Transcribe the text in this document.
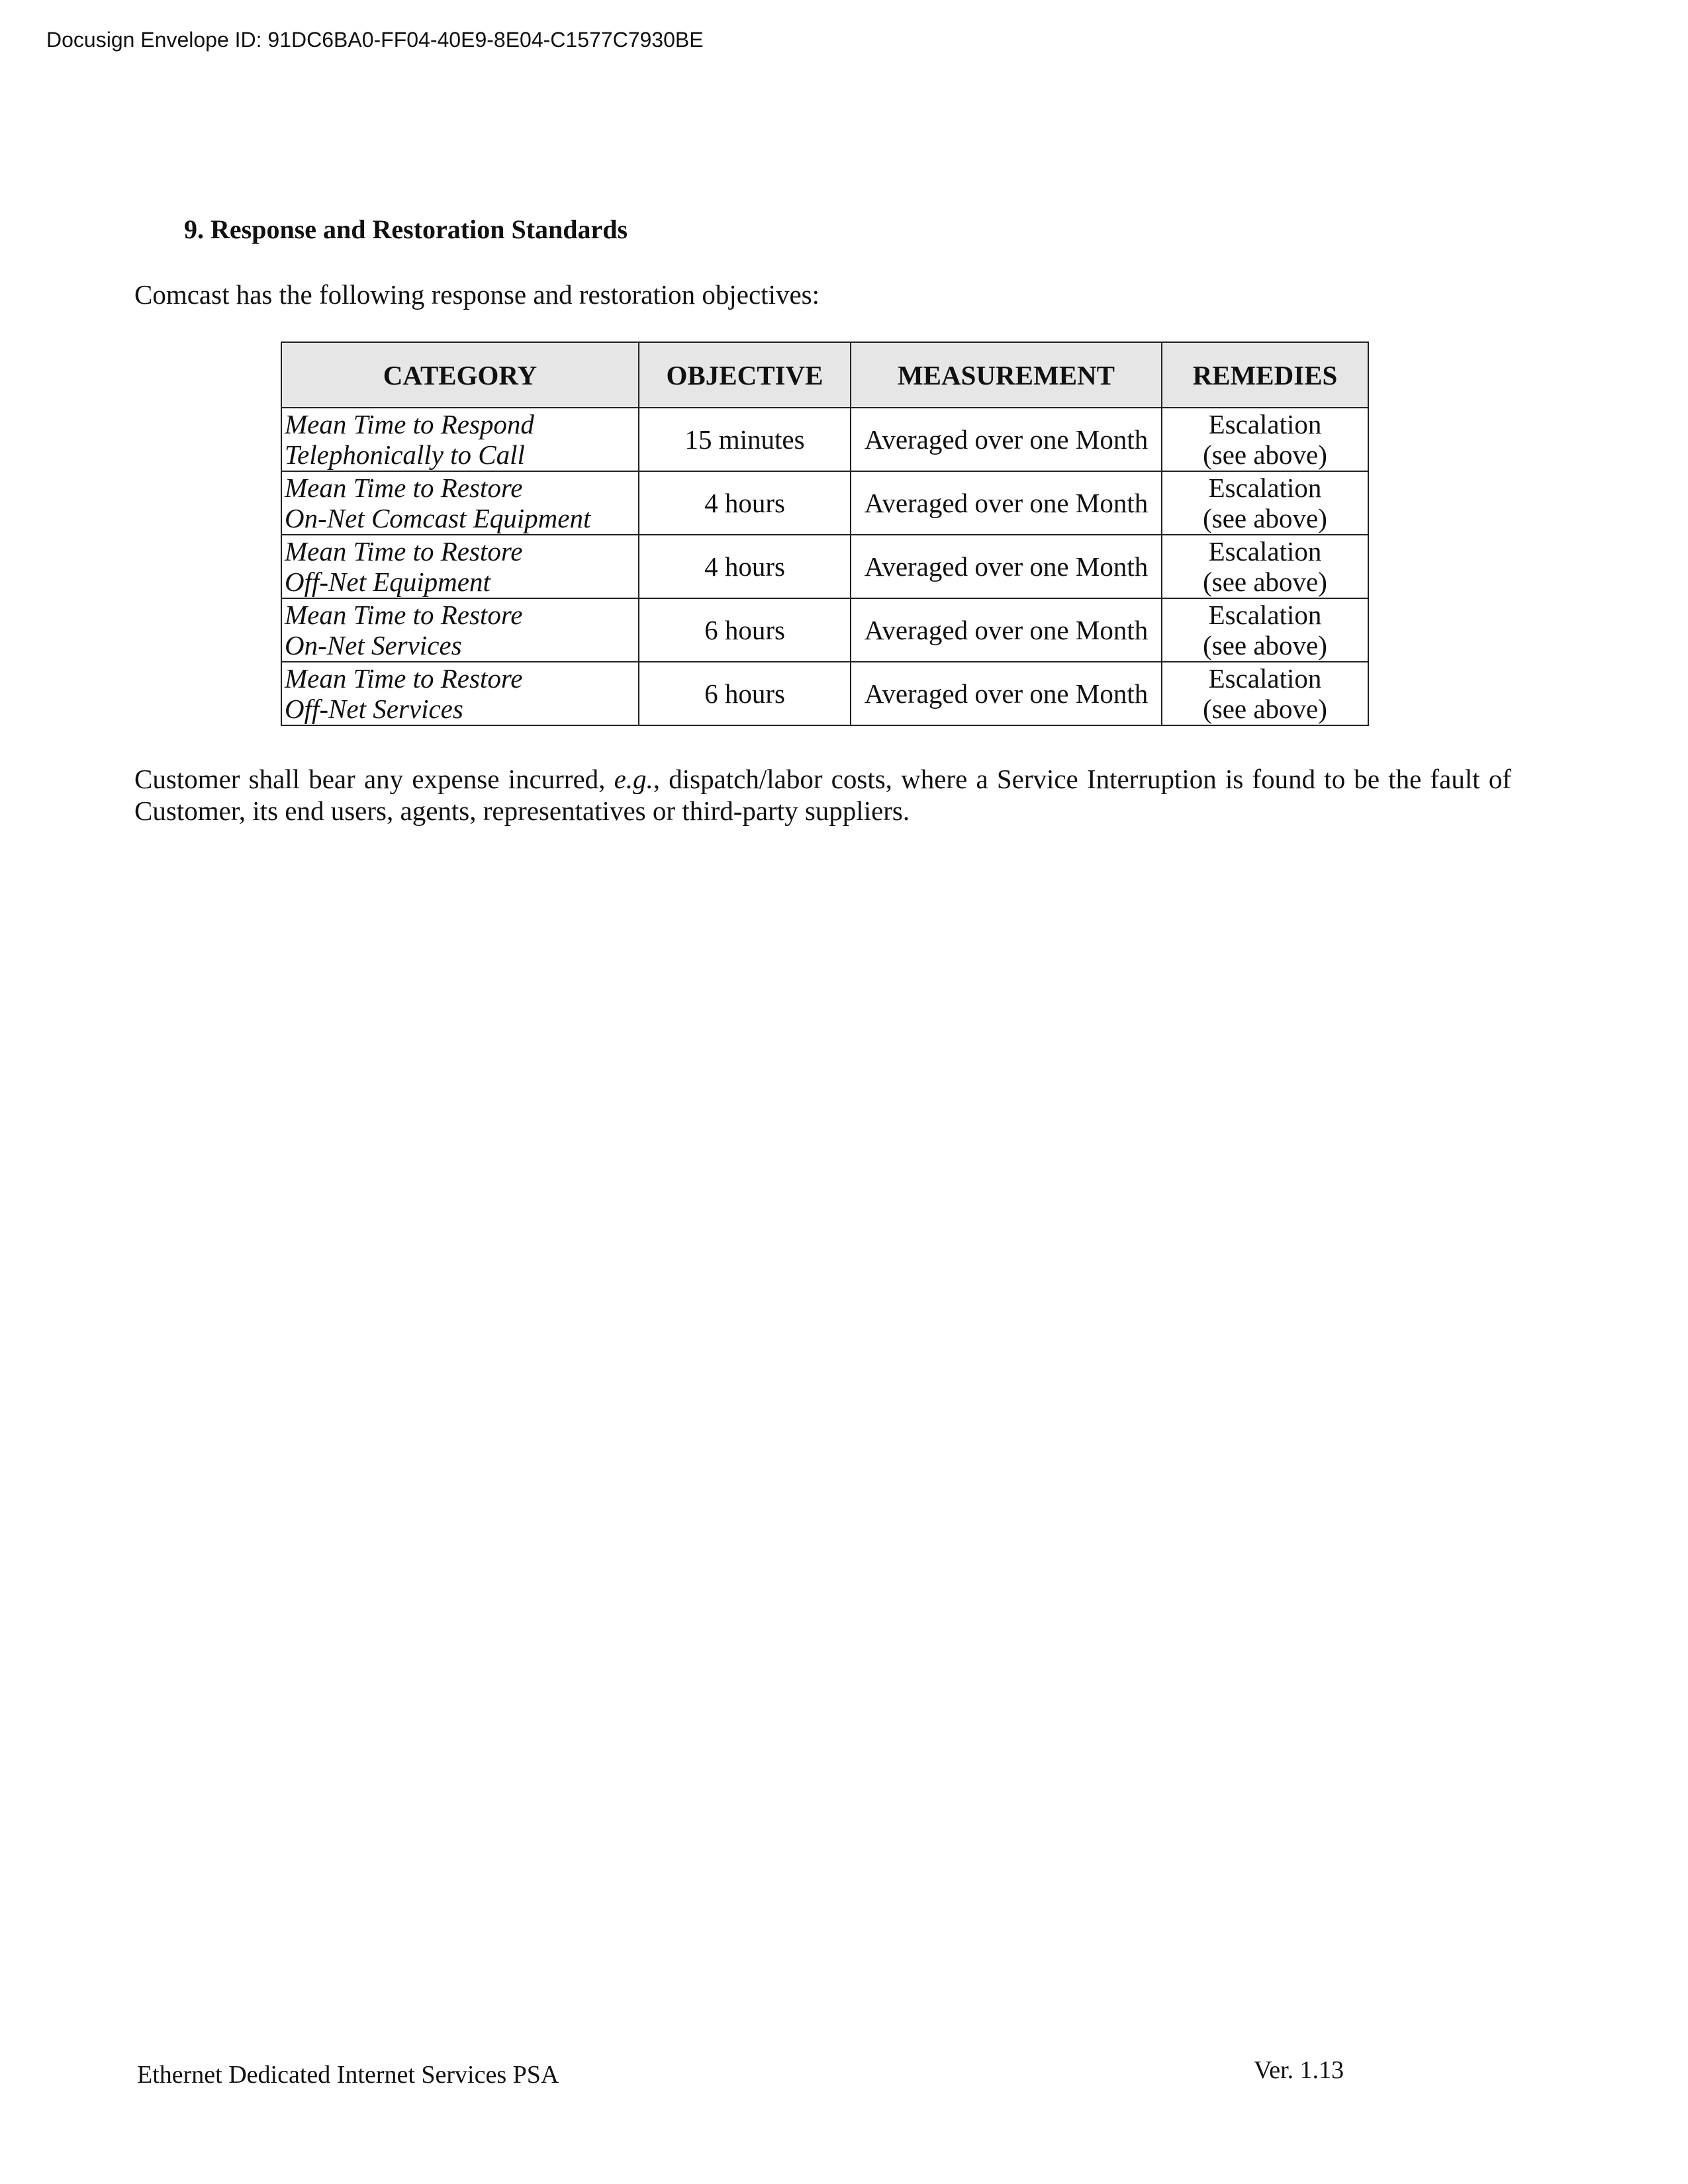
Docusign Envelope ID: 91DC6BA0-FF04-40E9-8E04-C1577C7930BE
9. Response and Restoration Standards
Comcast has the following response and restoration objectives:
CATEGORY	OBJECTIVE	MEASUREMENT	REMEDIES

Mean Time to Respond
Telephonically to Call	15 minutes	Averaged over one Month	Escalation
(see above)

Mean Time to Restore
On-Net Comcast Equipment	4 hours	Averaged over one Month	Escalation
(see above)

Mean Time to Restore
Off-Net Equipment	4 hours	Averaged over one Month	Escalation
(see above)

Mean Time to Restore
On-Net Services	6 hours	Averaged over one Month	Escalation
(see above)

Mean Time to Restore
Off-Net Services	6 hours	Averaged over one Month	Escalation
(see above)
Customer shall bear any expense incurred, e.g., dispatch/labor costs, where a Service Interruption is found to be the fault of Customer, its end users, agents, representatives or third-party suppliers.
Ethernet Dedicated Internet Services PSA	Ver. 1.13
